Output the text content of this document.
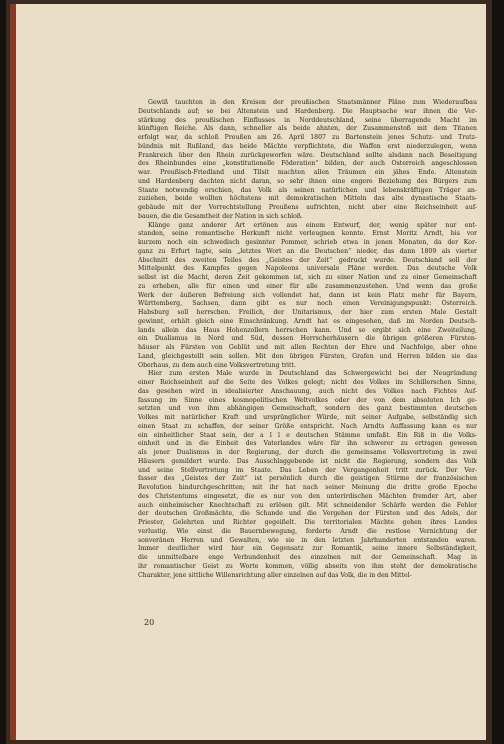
Gewiß tauchten in den Kreisen der preußischen Staatsmänner Pläne zum Wiederaufbau
Deutschlands auf; so bei Altenstein und Hardenberg. Die Hauptsache war ihnen die Ver-
stärkung des preußischen Einflusses in Norddeutschland, seine überragende Macht im
künftigen Reiche. Als dann, schneller als beide ahnten, der Zusammenstoß mit dem Titanen
erfolgt war, da schloß Preußen am 26. April 1807 zu Bartenstein jenes Schutz- und Trutz-
bündnis mit Rußland, das beide Mächte verpflichtete, die Waffen erst niederzulegen, wenn
Frankreich über den Rhein zurückgeworfen wäre. Deutschland sollte alsdann nach Beseitigung
des Rheinbundes eine „konstitutionelle Föderation“ bilden, der auch Österreich angeschlossen
war. Preußisch-Friedland und Tilsit machten allen Träumen ein jähes Ende. Altenstein
und Hardenberg dachten nicht daran, so sehr ihnen eine engere Beziehung des Bürgers zum
Staate notwendig erschien, das Volk als seinen natürlichen und lebenskräftigen Träger an-
zuziehen, beide wollten höchstens mit demokratischen Mitteln das alte dynastische Staats-
gebäude mit der Vorrechtstellung Preußens aufrichten, nicht aber eine Reichseinheit auf-
bauen, die die Gesamtheit der Nation in sich schloß.
Klänge ganz anderer Art ertönen aus einem Entwurf, der, wenig später nur ent-
standen, seine romantische Herkunft nicht verleugnen konnte. Ernst Moritz Arndt, bis vor
kurzem noch ein schwedisch gesinnter Pommer, schrieb etwa in jenen Monaten, da der Kor-
ganz zu Erfurt tagte, sein „letztes Wort an die Deutschen“ nieder, das dann 1809 als vierter
Abschnitt des zweiten Teiles des „Geistes der Zeit“ gedruckt wurde. Deutschland soll der
Mittelpunkt des Kampfes gegen Napoleons universale Pläne werden. Das deutsche Volk
selbst ist die Macht, deren Zeit gekommen ist, sich zu einer Nation und zu einer Gemeinschaft
zu erheben, alle für einen und einer für alle zusammenzustehen. Und wenn das große
Werk der äußeren Befreiung sich vollendet hat, dann ist kein Platz mehr für Bayern,
Württemberg, Sachsen, dann gibt es nur noch einen Vereinigungspunkt: Österreich.
Habsburg soll herrschen. Freilich, der Unitarismus, der hier zum ersten Male Gestalt
gewinnt, erhält gleich eine Einschränkung. Arndt hat es eingesehen, daß im Norden Deutsch-
lands allein das Haus Hohenzollern herrschen kann. Und so ergibt sich eine Zweiteilung,
ein Dualismus in Nord und Süd, dessen Herrscherhäusern die übrigen größeren Fürsten-
häuser als Fürsten von Geblüt und mit allen Rechten der Ehre und Nachfolge, aber ohne
Land, gleichgestellt sein sollen. Mit den übrigen Fürsten, Grafen und Herren bilden sie das
Oberhaus, zu dem auch eine Volksvertretung tritt.
Hier zum ersten Male wurde in Deutschland das Schwergewicht bei der Neugründung
einer Reichseinheit auf die Seite des Volkes gelegt; nicht des Volkes im Schillerschen Sinne,
das gesehen wird in idealisierter Anschauung, auch nicht des Volkes nach Fichtes Auf-
fassung im Sinne eines kosmopolitischen Weltvolkes oder der von dem absoluten Ich ge-
setzten und von ihm abhängigen Gemeinschaft, sondern des ganz bestimmten deutschen
Volkes mit natürlicher Kraft und ursprünglicher Würde, mit seiner Aufgabe, selbständig sich
einen Staat zu schaffen, der seiner Größe entspricht. Nach Arndts Auffassung kann es nur
ein einheitlicher Staat sein, der a l l e deutschen Stämme umfaßt. Ein Riß in die Volks-
einheit und in die Einheit des Vaterlandes wäre für ihn schwerer zu ertragen gewesen
als jener Dualismus in der Regierung, der durch die gemeinsame Volksvertretung in zwei
Häusern gemildert wurde. Das Ausschlaggebende ist nicht die Regierung, sondern das Volk
und seine Stellvertretung im Staate. Das Leben der Vergangenheit tritt zurück. Der Ver-
fasser des „Geistes der Zeit“ ist persönlich durch die geistigen Stürme der französischen
Revolution hindurchgeschritten; mit ihr hat nach seiner Meinung die dritte große Epoche
des Christentums eingesetzt, die es nur von den unterirdischen Mächten fremder Art, aber
auch einheimischer Knechtschaft zu erlösen gilt. Mit schneidender Schärfe werden die Fehler
der deutschen Großmächte, die Schande und die Vergehen der Fürsten und des Adels, der
Priester, Gelehrten und Richter gegeißelt. Die territorialen Mächte gehen ihres Landes
verlustig. Wie einst die Bauernbewegung, forderte Arndt die restlose Vernichtung der
sonveränen Herren und Gewalten, wie sie in den letzten Jahrhunderten entstanden waren.
Immer deutlicher wird hier ein Gegensatz zur Romantik, seine innere Selbständigkeit,
die unmittelbare enge Verbundenheit des einzelnen mit der Gemeinschaft. Mag in
ihr romantischer Geist zu Worte kommen, völlig abseits von ihm steht der demokratische
Charakter, jene sittliche Willensrichtung aller einzelnen auf das Volk, die in den Mittel-
20
